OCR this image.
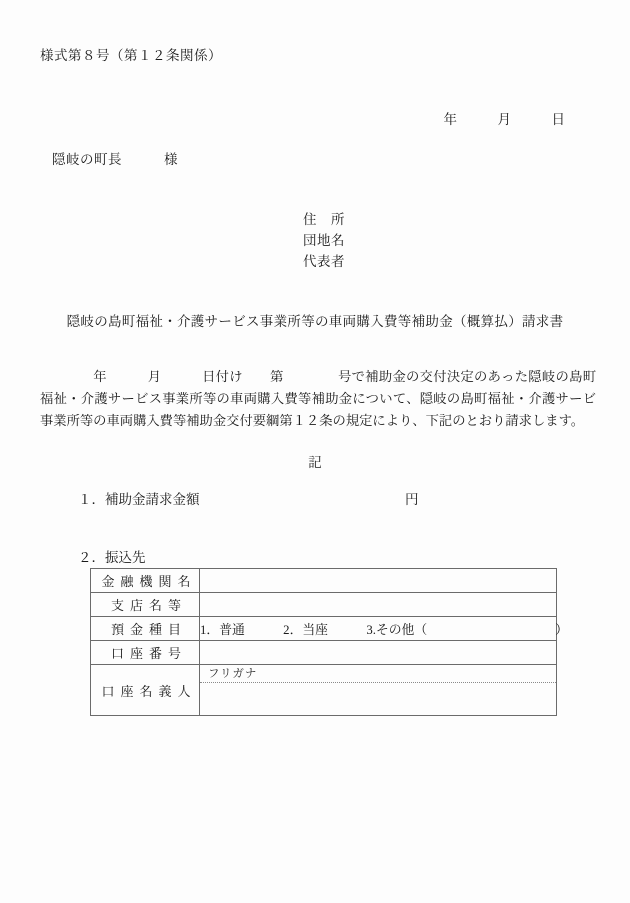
様式第８号（第１２条関係）
年　　　月　　　日
隠岐の町長　　　様
住　所
団地名
代表者
隠岐の島町福祉・介護サービス事業所等の車両購入費等補助金（概算払）請求書
年　　　月　　　日付け　　第　　　　号で補助金の交付決定のあった隠岐の島町福祉・介護サービス事業所等の車両購入費等補助金について、隠岐の島町福祉・介護サービ事業所等の車両購入費等補助金交付要綱第１２条の規定により、下記のとおり請求します。
記
１．補助金請求金額	円
２．振込先
金融機関名	
支店名等	
預金種目	1．普通　　　2．当座　　　3.その他（　　　　　　　　　　）
口座番号	
口座名義人	フリガナ
